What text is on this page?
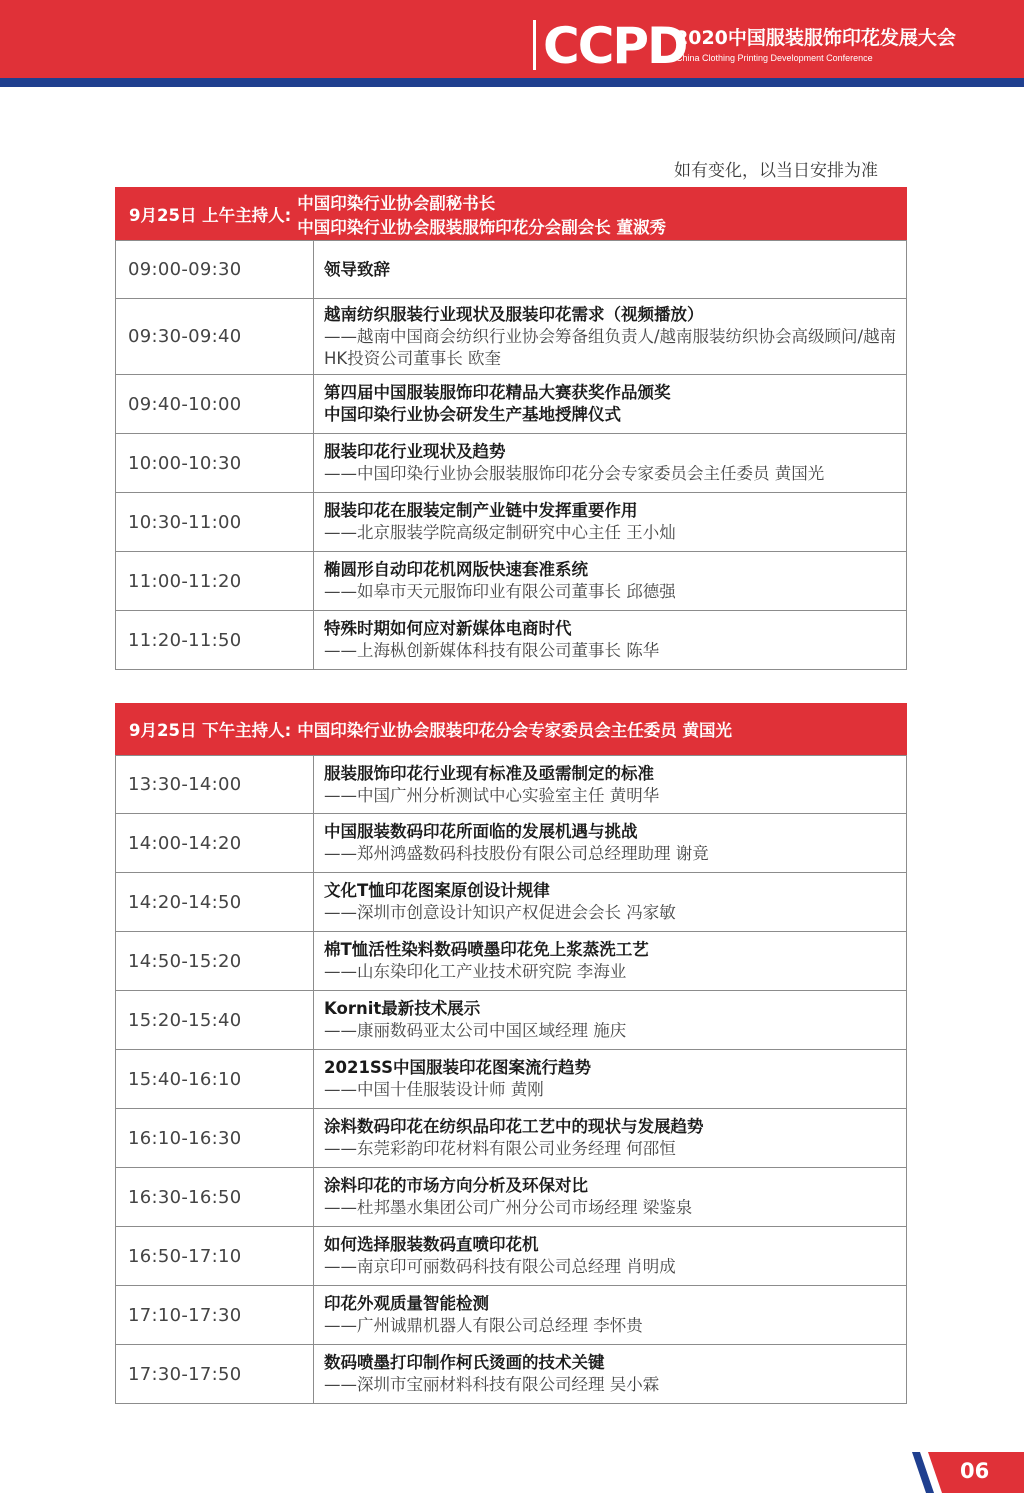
CCPD
2020中国服装服饰印花发展大会
China Clothing Printing Development Conference
如有变化，以当日安排为准
9月25日 上午主持人:
中国印染行业协会副秘书长
中国印染行业协会服装服饰印花分会副会长 董淑秀
09:00-09:30	领导致辞
09:30-09:40
越南纺织服装行业现状及服装印花需求（视频播放）
——越南中国商会纺织行业协会筹备组负责人/越南服装纺织协会高级顾问/越南HK投资公司董事长 欧奎
09:40-10:00
第四届中国服装服饰印花精品大赛获奖作品颁奖
中国印染行业协会研发生产基地授牌仪式
10:00-10:30
服装印花行业现状及趋势
——中国印染行业协会服装服饰印花分会专家委员会主任委员 黄国光
10:30-11:00
服装印花在服装定制产业链中发挥重要作用
——北京服装学院高级定制研究中心主任 王小灿
11:00-11:20
椭圆形自动印花机网版快速套准系统
——如皋市天元服饰印业有限公司董事长 邱德强
11:20-11:50
特殊时期如何应对新媒体电商时代
——上海枞创新媒体科技有限公司董事长 陈华
9月25日 下午主持人: 中国印染行业协会服装印花分会专家委员会主任委员 黄国光
13:30-14:00
服装服饰印花行业现有标准及亟需制定的标准
——中国广州分析测试中心实验室主任 黄明华
14:00-14:20
中国服装数码印花所面临的发展机遇与挑战
——郑州鸿盛数码科技股份有限公司总经理助理 谢竟
14:20-14:50
文化T恤印花图案原创设计规律
——深圳市创意设计知识产权促进会会长 冯家敏
14:50-15:20
棉T恤活性染料数码喷墨印花免上浆蒸洗工艺
——山东染印化工产业技术研究院 李海业
15:20-15:40
Kornit最新技术展示
——康丽数码亚太公司中国区域经理 施庆
15:40-16:10
2021SS中国服装印花图案流行趋势
——中国十佳服装设计师 黄刚
16:10-16:30
涂料数码印花在纺织品印花工艺中的现状与发展趋势
——东莞彩韵印花材料有限公司业务经理 何邵恒
16:30-16:50
涂料印花的市场方向分析及环保对比
——杜邦墨水集团公司广州分公司市场经理 梁鉴泉
16:50-17:10
如何选择服装数码直喷印花机
——南京印可丽数码科技有限公司总经理 肖明成
17:10-17:30
印花外观质量智能检测
——广州诚鼎机器人有限公司总经理 李怀贵
17:30-17:50
数码喷墨打印制作柯氏烫画的技术关键
——深圳市宝丽材料科技有限公司经理 吴小霖
06
